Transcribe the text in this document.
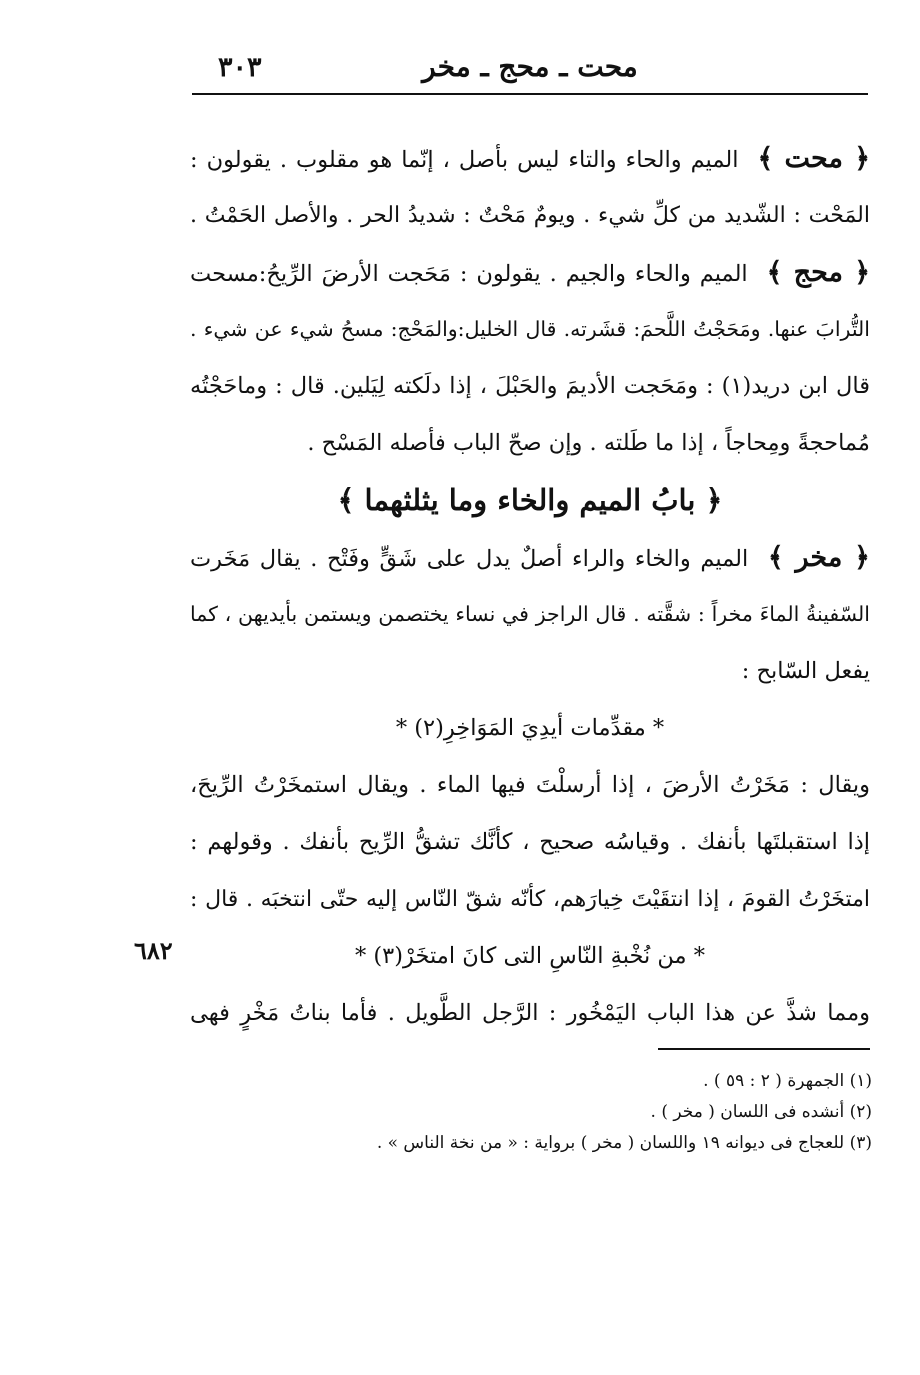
٣٠٣	محت ـ محج ـ مخر
﴿ محت ﴾ الميم والحاء والتاء ليس بأصل ، إنّما هو مقلوب . يقولون :
المَحْت : الشّديد من كلِّ شيء . ويومٌ مَحْتٌ : شديدُ الحر . والأصل الحَمْتُ .
﴿ محج ﴾ الميم والحاء والجيم . يقولون : مَحَجت الأرضَ الرِّيحُ:مسحت
التُّرابَ عنها. ومَحَجْتُ اللَّحمَ: قشَرته. قال الخليل:والمَحْج: مسحُ شيء عن شيء .
قال ابن دريد(١) : ومَحَجت الأديمَ والحَبْلَ ، إذا دلَكته لِيَلين. قال : وماحَجْتُه
مُماحجةً ومِحاجاً ، إذا ما طَلته . وإن صحّ الباب فأصله المَسْح .
﴿ بابُ الميم والخاء وما يثلثهما ﴾
﴿ مخر ﴾ الميم والخاء والراء أصلٌ يدل على شَقٍّ وفَتْح . يقال مَخَرت
السّفينةُ الماءَ مخراً : شقَّته . قال الراجز في نساء يختصمن ويستمن بأيديهن ، كما
يفعل السّابح :
* مقدِّمات أيدِيَ المَوَاخِرِ(٢) *
ويقال : مَخَرْتُ الأرضَ ، إذا أرسلْتَ فيها الماء . ويقال استمخَرْتُ الرِّيحَ،
إذا استقبلتَها بأنفك . وقياسُه صحيح ، كأنَّك تشقُّ الرِّيح بأنفك . وقولهم :
امتخَرْتُ القومَ ، إذا انتقَيْتَ خِيارَهم، كأنّه شقّ النّاس إليه حتّى انتخبَه . قال :
* من نُخْبةِ النّاسِ التى كانَ امتخَرْ(٣) *
ومما شذَّ عن هذا الباب اليَمْخُور : الرَّجل الطَّويل . فأما بناتُ مَخْرٍ فهى
٦٨٢
(١) الجمهرة ( ٢ : ٥٩ ) .
(٢) أنشده فى اللسان ( مخر ) .
(٣) للعجاج فى ديوانه ١٩ واللسان ( مخر ) برواية : « من نخة الناس » .
